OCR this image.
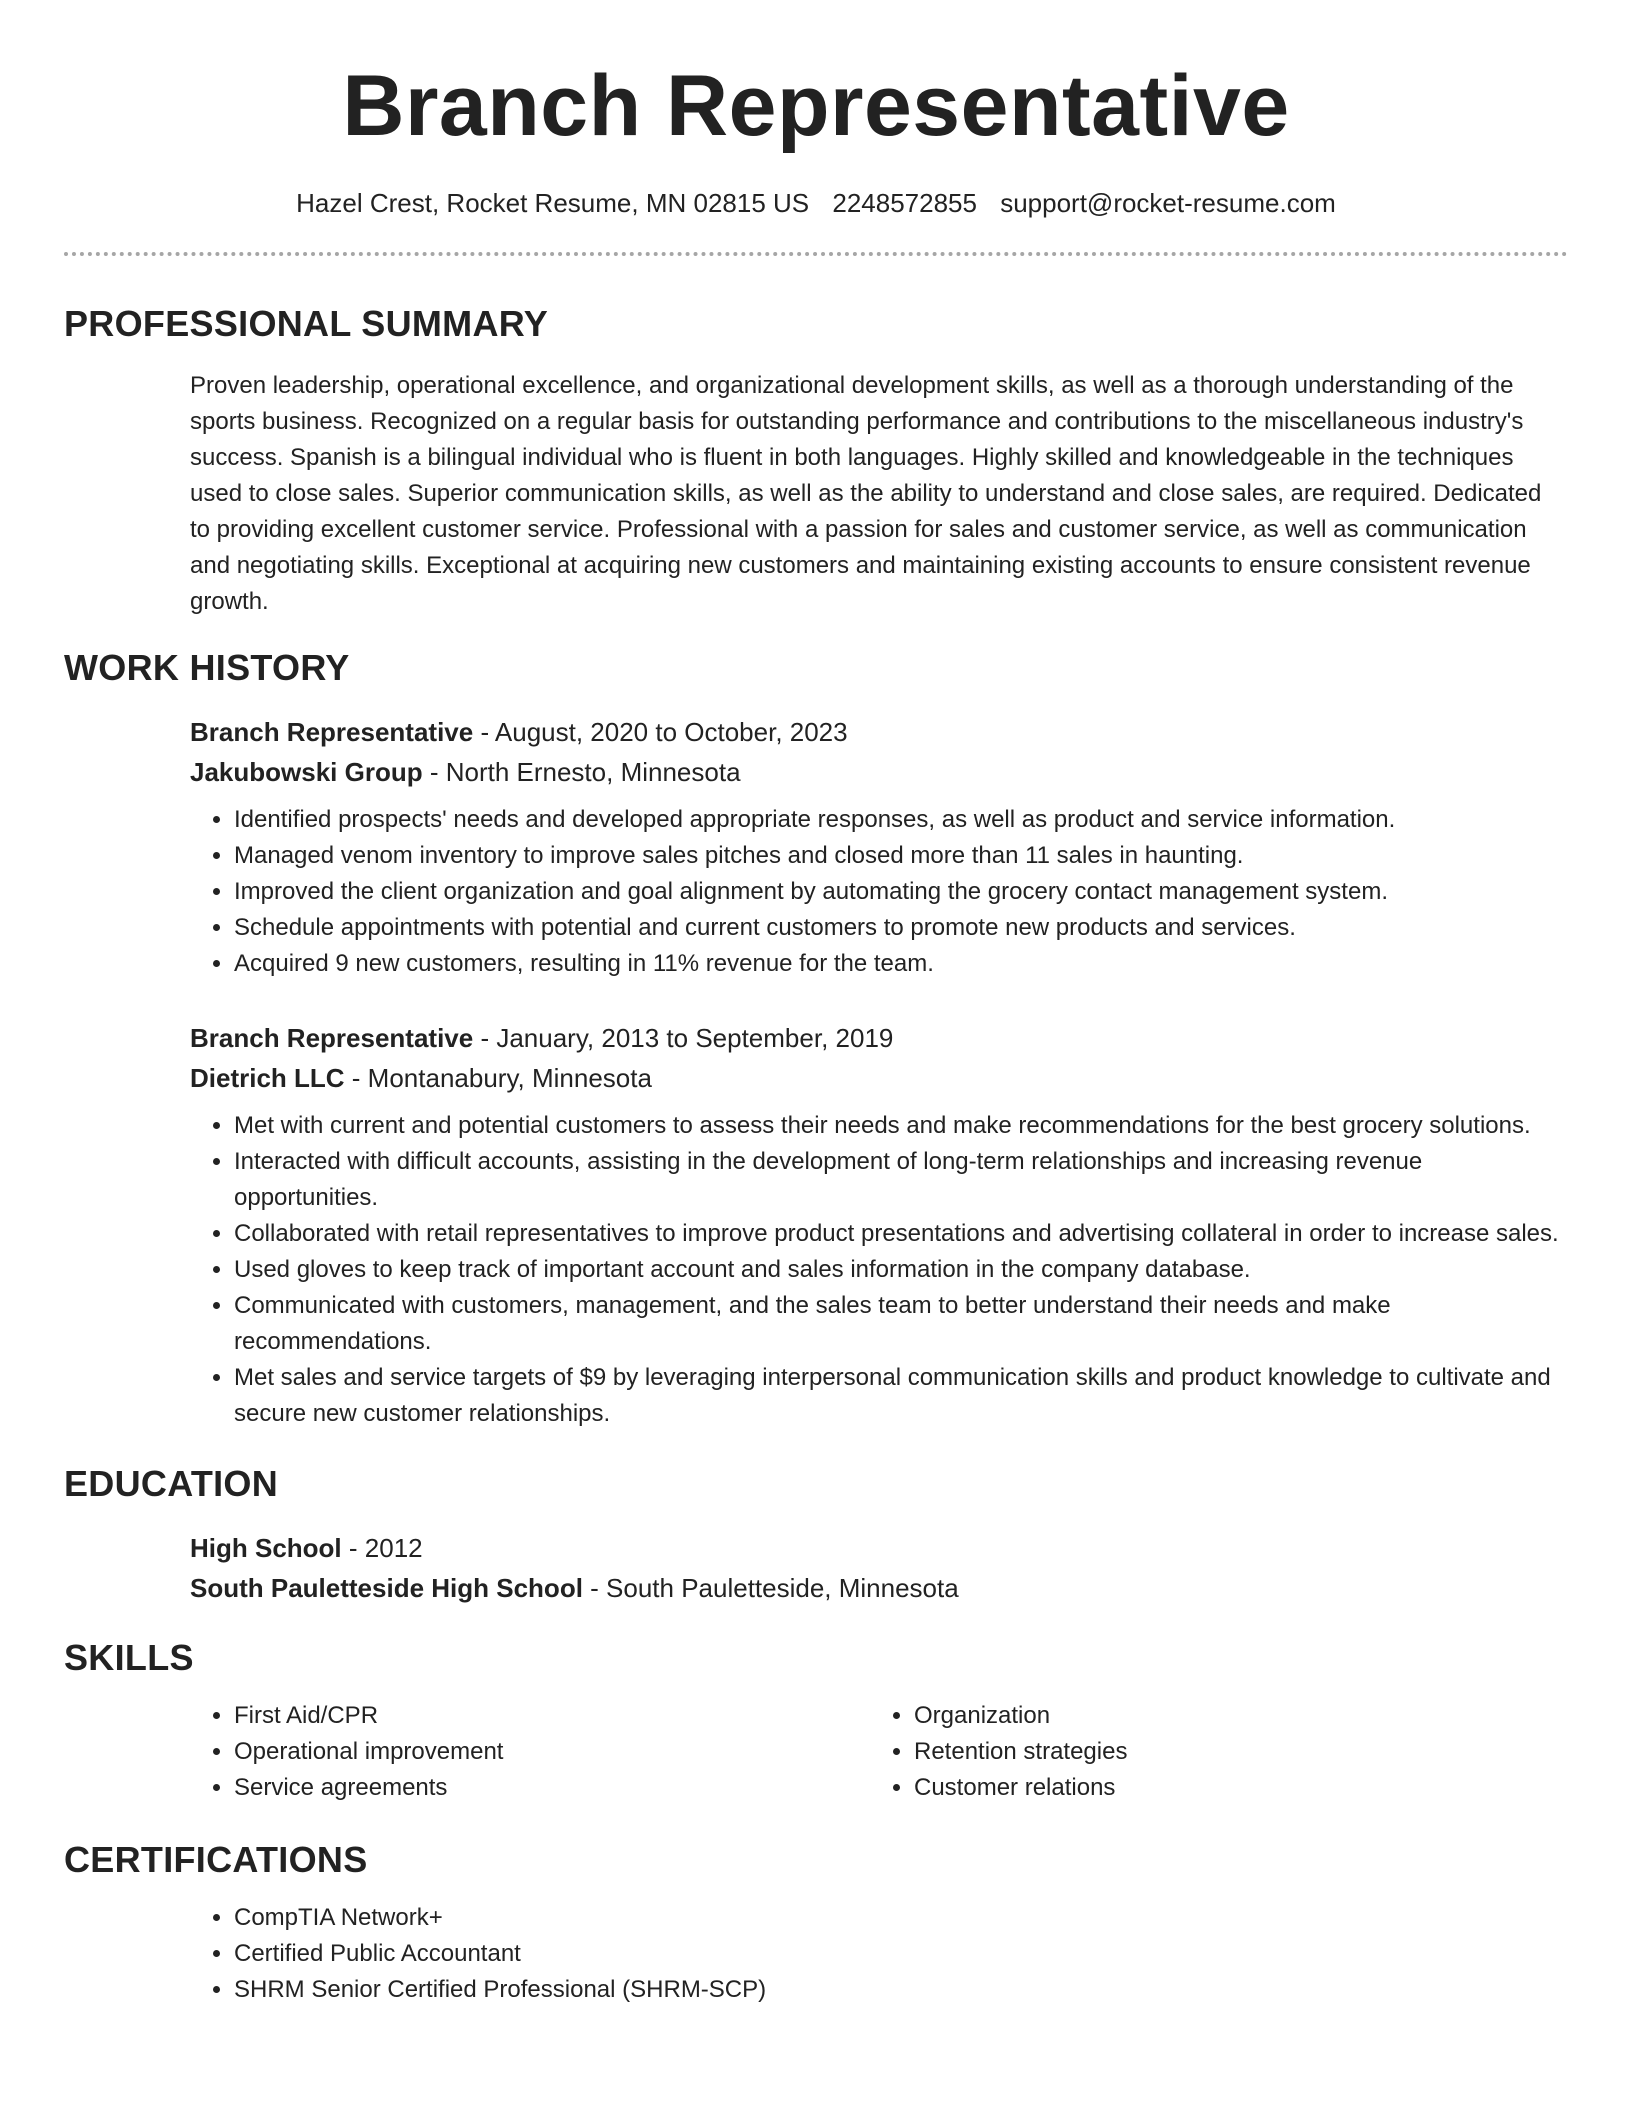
Branch Representative
Hazel Crest, Rocket Resume, MN 02815 US 2248572855 support@rocket-resume.com
PROFESSIONAL SUMMARY

Proven leadership, operational excellence, and organizational development skills, as well as a thorough understanding of the sports business. Recognized on a regular basis for outstanding performance and contributions to the miscellaneous industry's success. Spanish is a bilingual individual who is fluent in both languages. Highly skilled and knowledgeable in the techniques used to close sales. Superior communication skills, as well as the ability to understand and close sales, are required. Dedicated to providing excellent customer service. Professional with a passion for sales and customer service, as well as communication and negotiating skills. Exceptional at acquiring new customers and maintaining existing accounts to ensure consistent revenue growth.

WORK HISTORY
Branch Representative - August, 2020 to October, 2023
Jakubowski Group - North Ernesto, Minnesota
• Identified prospects' needs and developed appropriate responses, as well as product and service information.
• Managed venom inventory to improve sales pitches and closed more than 11 sales in haunting.
• Improved the client organization and goal alignment by automating the grocery contact management system.
• Schedule appointments with potential and current customers to promote new products and services.
• Acquired 9 new customers, resulting in 11% revenue for the team.
Branch Representative - January, 2013 to September, 2019
Dietrich LLC - Montanabury, Minnesota
• Met with current and potential customers to assess their needs and make recommendations for the best grocery solutions.
• Interacted with difficult accounts, assisting in the development of long-term relationships and increasing revenue opportunities.
• Collaborated with retail representatives to improve product presentations and advertising collateral in order to increase sales.
• Used gloves to keep track of important account and sales information in the company database.
• Communicated with customers, management, and the sales team to better understand their needs and make recommendations.
• Met sales and service targets of $9 by leveraging interpersonal communication skills and product knowledge to cultivate and secure new customer relationships.
EDUCATION
High School - 2012
South Pauletteside High School - South Pauletteside, Minnesota
SKILLS
• First Aid/CPR
• Operational improvement
• Service agreements
• Organization
• Retention strategies
• Customer relations
CERTIFICATIONS
• CompTIA Network+
• Certified Public Accountant
• SHRM Senior Certified Professional (SHRM-SCP)
